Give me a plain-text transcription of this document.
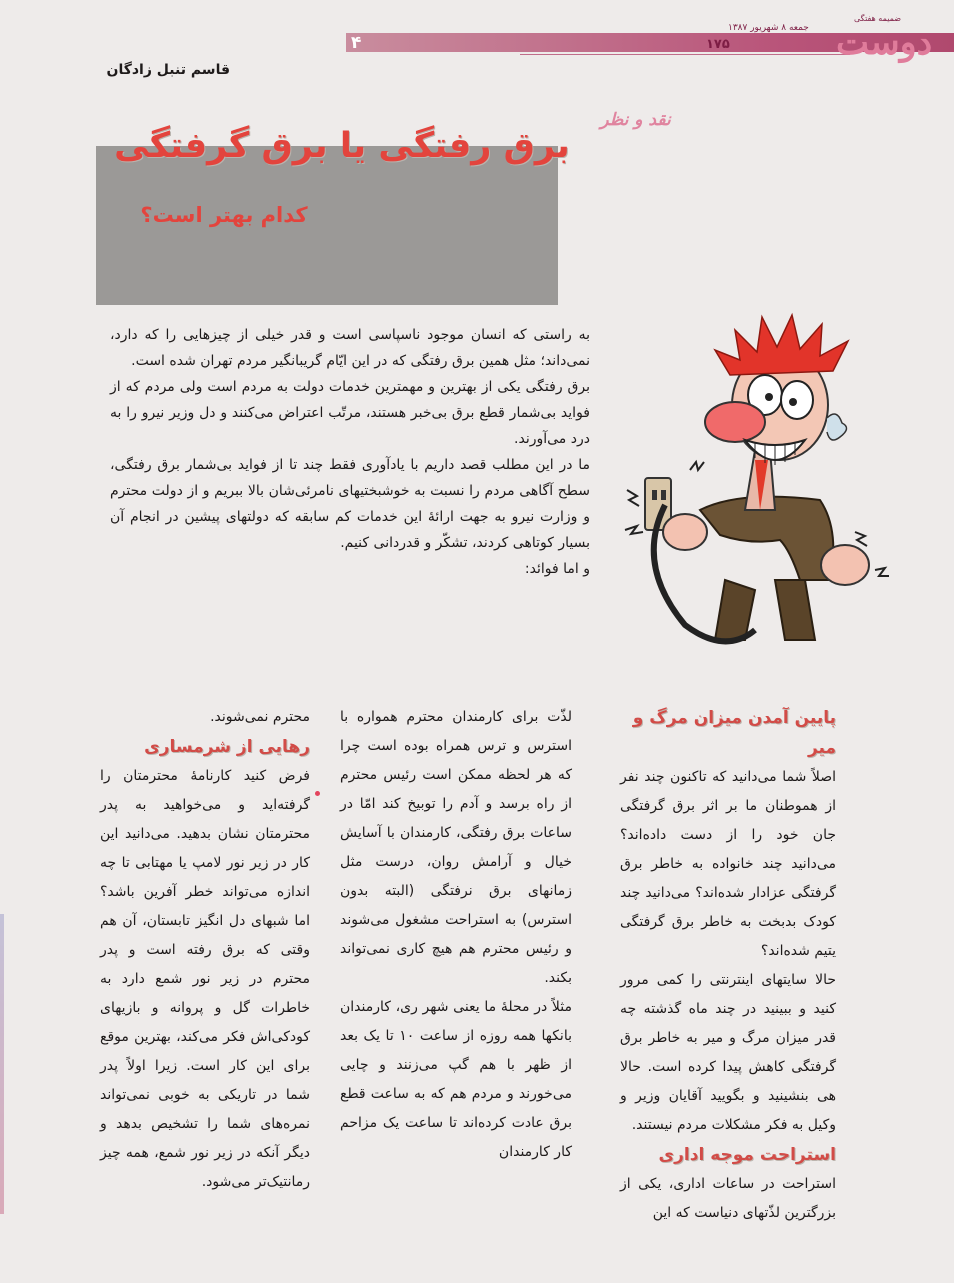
۴	۱۷۵
جمعه ۸ شهریور ۱۳۸۷
ضمیمه هفتگی
دوست
قاسم تنبل زادگان
نقد و نظر
برق رفتگی یا برق گرفتگی
کدام بهتر است؟

به راستی که انسان موجود ناسپاسی است و قدر خیلی از چیزهایی را که دارد، نمی‌داند؛ مثل همین برق رفتگی که در این ایّام گریبانگیر مردم تهران شده است.

برق رفتگی یکی از بهترین و مهمترین خدمات دولت به مردم است ولی مردم که از فواید بی‌شمار قطع برق بی‌خبر هستند، مرتّب اعتراض می‌کنند و دل وزیر نیرو را به درد می‌آورند.

ما در این مطلب قصد داریم با یادآوری فقط چند تا از فواید بی‌شمار برق رفتگی، سطح آگاهی مردم را نسبت به خوشبختیهای نامرئی‌شان بالا ببریم و از دولت محترم و وزارت نیرو به جهت ارائهٔ این خدمات کم سابقه که دولتهای پیشین در انجام آن بسیار کوتاهی کردند، تشکّر و قدردانی کنیم.

و اما فوائد:

پایین آمدن میزان مرگ و میر

اصلاً شما می‌دانید که تاکنون چند نفر از هموطنان ما بر اثر برق گرفتگی جان خود را از دست داده‌اند؟ می‌دانید چند خانواده به خاطر برق گرفتگی عزادار شده‌اند؟ می‌دانید چند کودک بدبخت به خاطر برق گرفتگی یتیم شده‌اند؟

حالا سایتهای اینترنتی را کمی مرور کنید و ببینید در چند ماه گذشته چه قدر میزان مرگ و میر به خاطر برق گرفتگی کاهش پیدا کرده است. حالا هی بنشینید و بگویید آقایان وزیر و وکیل به فکر مشکلات مردم نیستند.

استراحت موجه اداری

استراحت در ساعات اداری، یکی از بزرگترین لذّتهای دنیاست که این

لذّت برای کارمندان محترم همواره با استرس و ترس همراه بوده است چرا که هر لحظه ممکن است رئیس محترم از راه برسد و آدم را توبیخ کند امّا در ساعات برق رفتگی، کارمندان با آسایش خیال و آرامش روان، درست مثل زمانهای برق نرفتگی (البته بدون استرس) به استراحت مشغول می‌شوند و رئیس محترم هم هیچ کاری نمی‌تواند بکند.

مثلاً در محلهٔ ما یعنی شهر ری، کارمندان بانکها همه روزه از ساعت ۱۰ تا یک بعد از ظهر با هم گپ می‌زنند و چایی می‌خورند و مردم هم که به ساعت قطع برق عادت کرده‌اند تا ساعت یک مزاحم کار کارمندان

محترم نمی‌شوند.

رهایی از شرمساری

فرض کنید کارنامهٔ محترمتان را گرفته‌اید و می‌خواهید به پدر محترمتان نشان بدهید. می‌دانید این کار در زیر نور لامپ یا مهتابی تا چه اندازه می‌تواند خطر آفرین باشد؟ اما شبهای دل انگیز تابستان، آن هم وقتی که برق رفته است و پدر محترم در زیر نور شمع دارد به خاطرات گل و پروانه و بازیهای کودکی‌اش فکر می‌کند، بهترین موقع برای این کار است. زیرا اولاً پدر شما در تاریکی به خوبی نمی‌تواند نمره‌های شما را تشخیص بدهد و دیگر آنکه در زیر نور شمع، همه چیز رمانتیک‌تر می‌شود.
